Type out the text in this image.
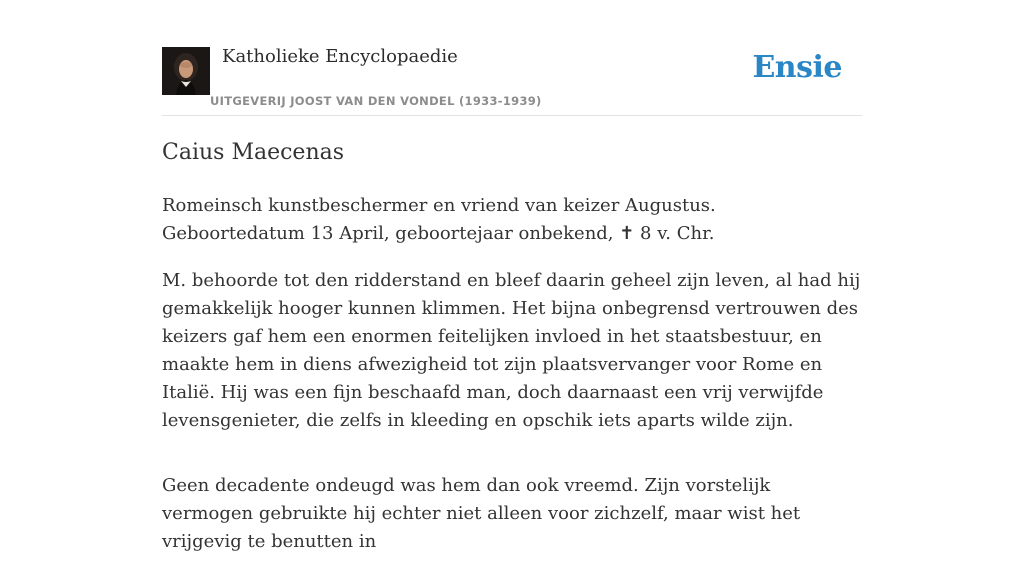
Katholieke Encyclopaedie
UITGEVERIJ JOOST VAN DEN VONDEL (1933-1939)
Ensie
Caius Maecenas

Romeinsch kunstbeschermer en vriend van keizer Augustus. Geboortedatum 13 April, geboortejaar onbekend, ✝ 8 v. Chr.

M. behoorde tot den ridderstand en bleef daarin geheel zijn leven, al had hij gemakkelijk hooger kunnen klimmen. Het bijna onbegrensd vertrouwen des keizers gaf hem een enormen feitelijken invloed in het staatsbestuur, en maakte hem in diens afwezigheid tot zijn plaatsvervanger voor Rome en Italië. Hij was een fijn beschaafd man, doch daarnaast een vrij verwijfde levensgenieter, die zelfs in kleeding en opschik iets aparts wilde zijn.

Geen decadente ondeugd was hem dan ook vreemd. Zijn vorstelijk vermogen gebruikte hij echter niet alleen voor zichzelf, maar wist het vrijgevig te benutten in
